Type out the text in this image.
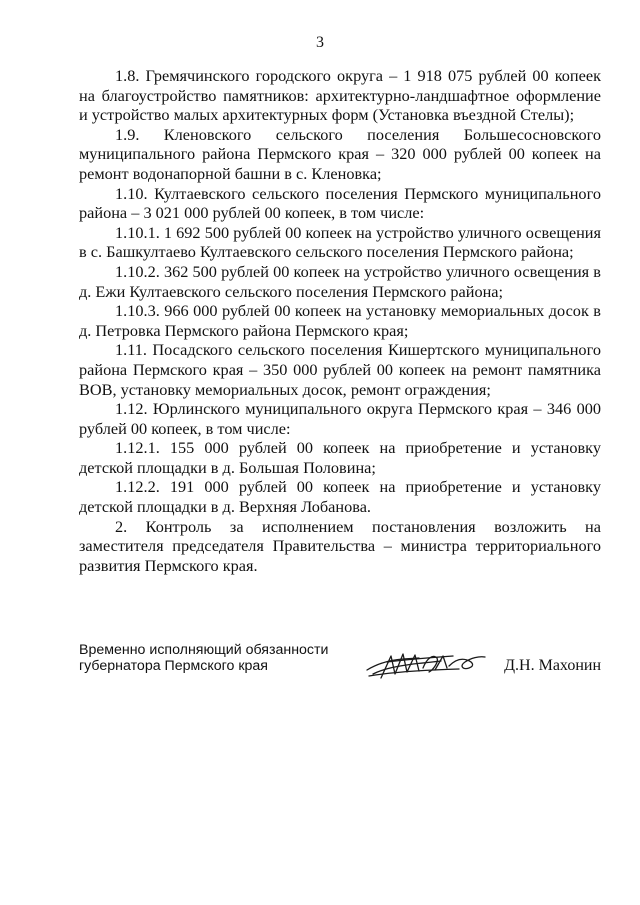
3

1.8. Гремячинского городского округа – 1 918 075 рублей 00 копеек на благоустройство памятников: архитектурно-ландшафтное оформление и устройство малых архитектурных форм (Установка въездной Стелы);

1.9. Кленовского сельского поселения Большесосновского муниципального района Пермского края – 320 000 рублей 00 копеек на ремонт водонапорной башни в с. Кленовка;

1.10. Култаевского сельского поселения Пермского муниципального района – 3 021 000 рублей 00 копеек, в том числе:

1.10.1. 1 692 500 рублей 00 копеек на устройство уличного освещения в с. Башкултаево Култаевского сельского поселения Пермского района;

1.10.2. 362 500 рублей 00 копеек на устройство уличного освещения в д. Ежи Култаевского сельского поселения Пермского района;

1.10.3. 966 000 рублей 00 копеек на установку мемориальных досок в д. Петровка Пермского района Пермского края;

1.11. Посадского сельского поселения Кишертского муниципального района Пермского края – 350 000 рублей 00 копеек на ремонт памятника ВОВ, установку мемориальных досок, ремонт ограждения;

1.12. Юрлинского муниципального округа Пермского края – 346 000 рублей 00 копеек, в том числе:

1.12.1. 155 000 рублей 00 копеек на приобретение и установку детской площадки в д. Большая Половина;

1.12.2. 191 000 рублей 00 копеек на приобретение и установку детской площадки в д. Верхняя Лобанова.

2. Контроль за исполнением постановления возложить на заместителя председателя Правительства – министра территориального развития Пермского края.

Временно исполняющий обязанности
губернатора Пермского края	Д.Н. Махонин
